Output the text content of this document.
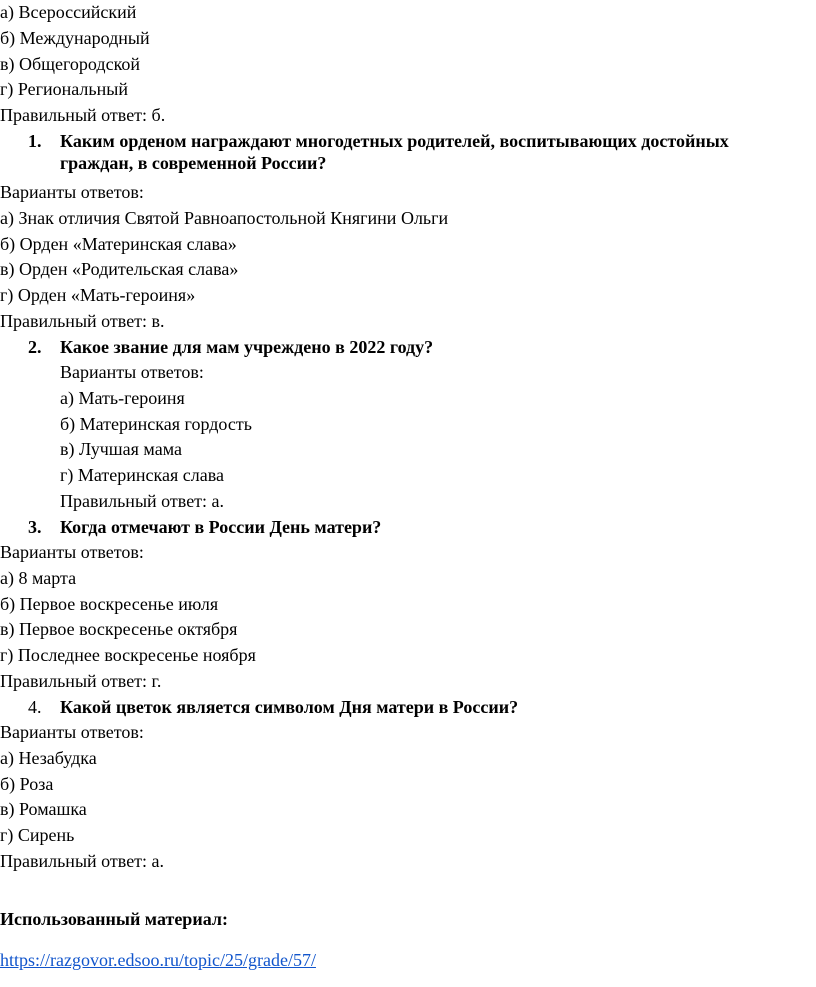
а) Всероссийский
б) Международный
в) Общегородской
г) Региональный
Правильный ответ: б.
1.	Каким орденом награждают многодетных родителей, воспитывающих достойных граждан, в современной России?
Варианты ответов:
а) Знак отличия Святой Равноапостольной Княгини Ольги
б) Орден «Материнская слава»
в) Орден «Родительская слава»
г) Орден «Мать-героиня»
Правильный ответ: в.
2.	Какое звание для мам учреждено в 2022 году?
Варианты ответов:
а) Мать-героиня
б) Материнская гордость
в) Лучшая мама
г) Материнская слава
Правильный ответ: а.
3.	Когда отмечают в России День матери?
Варианты ответов:
а) 8 марта
б) Первое воскресенье июля
в) Первое воскресенье октября
г) Последнее воскресенье ноября
Правильный ответ: г.
4.	Какой цветок является символом Дня матери в России?
Варианты ответов:
а) Незабудка
б) Роза
в) Ромашка
г) Сирень
Правильный ответ: а.
Использованный материал:
https://razgovor.edsoo.ru/topic/25/grade/57/
